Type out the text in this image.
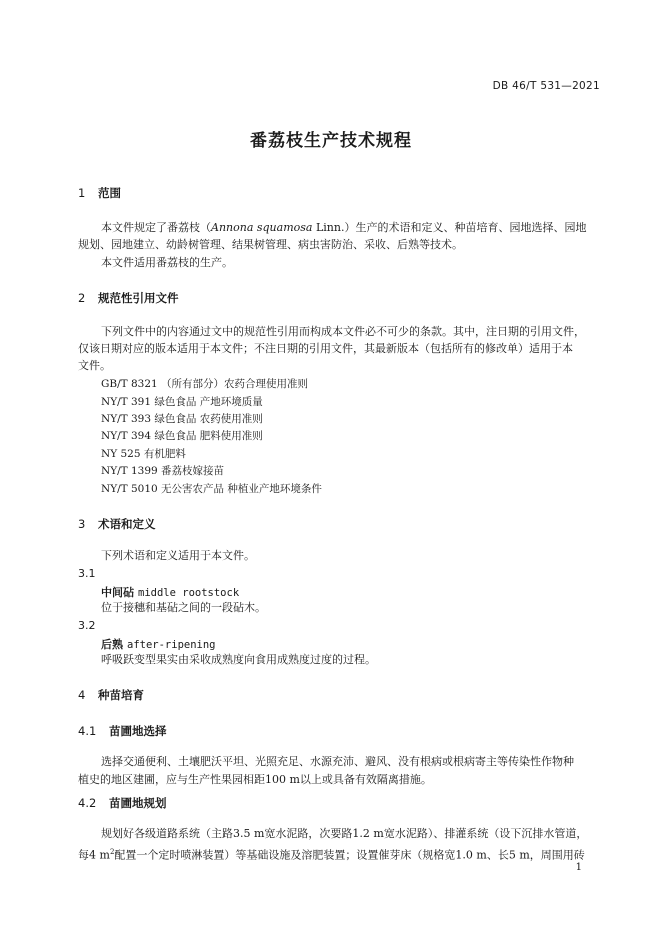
DB 46/T 531—2021
番荔枝生产技术规程
1 范围
本文件规定了番荔枝（Annona squamosa Linn.）生产的术语和定义、种苗培育、园地选择、园地
规划、园地建立、幼龄树管理、结果树管理、病虫害防治、采收、后熟等技术。
本文件适用番荔枝的生产。
2 规范性引用文件
下列文件中的内容通过文中的规范性引用而构成本文件必不可少的条款。其中，注日期的引用文件，
仅该日期对应的版本适用于本文件；不注日期的引用文件，其最新版本（包括所有的修改单）适用于本
文件。
GB/T 8321 （所有部分）农药合理使用准则
NY/T 391 绿色食品 产地环境质量
NY/T 393 绿色食品 农药使用准则
NY/T 394 绿色食品 肥料使用准则
NY 525 有机肥料
NY/T 1399 番荔枝嫁接苗
NY/T 5010 无公害农产品 种植业产地环境条件
3 术语和定义
下列术语和定义适用于本文件。
3.1
中间砧 middle rootstock
位于接穗和基砧之间的一段砧木。
3.2
后熟 after-ripening
呼吸跃变型果实由采收成熟度向食用成熟度过度的过程。
4 种苗培育
4.1 苗圃地选择
选择交通便利、土壤肥沃平坦、光照充足、水源充沛、避风、没有根病或根病寄主等传染性作物种
植史的地区建圃，应与生产性果园相距100 m以上或具备有效隔离措施。
4.2 苗圃地规划
规划好各级道路系统（主路3.5 m宽水泥路，次要路1.2 m宽水泥路）、排灌系统（设下沉排水管道，
每4 $m^2$配置一个定时喷淋装置）等基础设施及溶肥装置；设置催芽床（规格宽1.0 m、长5 m，周围用砖
1
